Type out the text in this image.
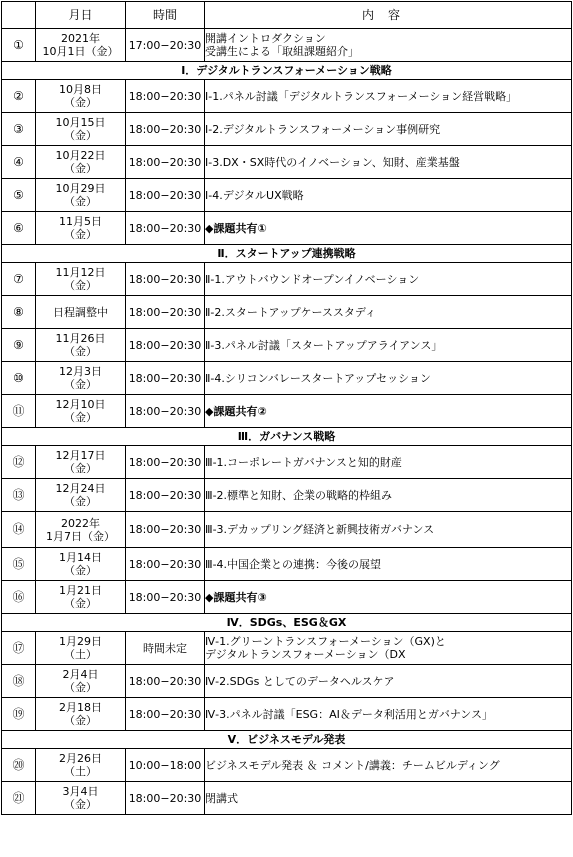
	月日	時間	内容
①	2021年
10月1日（金）	17:00−20:30	開講イントロダクション
受講生による「取組課題紹介」

Ⅰ．デジタルトランスフォーメーション戦略			
②	10月8日
（金）	18:00−20:30	Ⅰ-1.パネル討議「デジタルトランスフォーメーション経営戦略」

③	10月15日
（金）	18:00−20:30	Ⅰ-2.デジタルトランスフォーメーション事例研究

④	10月22日
（金）	18:00−20:30	Ⅰ-3.DX・SX時代のイノベーション、知財、産業基盤

⑤	10月29日
（金）	18:00−20:30	Ⅰ-4.デジタルUX戦略

⑥	11月5日
（金）	18:00−20:30	◆課題共有①

Ⅱ．スタートアップ連携戦略			
⑦	11月12日
（金）	18:00−20:30	Ⅱ-1.アウトバウンドオープンイノベーション

⑧	日程調整中	18:00−20:30	Ⅱ-2.スタートアップケーススタディ

⑨	11月26日
（金）	18:00−20:30	Ⅱ-3.パネル討議「スタートアップアライアンス」

⑩	12月3日
（金）	18:00−20:30	Ⅱ-4.シリコンバレースタートアップセッション

⑪	12月10日
（金）	18:00−20:30	◆課題共有②

Ⅲ．ガバナンス戦略			
⑫	12月17日
（金）	18:00−20:30	Ⅲ-1.コーポレートガバナンスと知的財産

⑬	12月24日
（金）	18:00−20:30	Ⅲ-2.標準と知財、企業の戦略的枠組み

⑭	2022年
1月7日（金）	18:00−20:30	Ⅲ-3.デカップリング経済と新興技術ガバナンス

⑮	1月14日
（金）	18:00−20:30	Ⅲ-4.中国企業との連携：今後の展望

⑯	1月21日
（金）	18:00−20:30	◆課題共有③

Ⅳ．SDGs、ESG＆GX			
⑰	1月29日
（土）	時間未定	Ⅳ-1.グリーントランスフォーメーション（GX)と
デジタルトランスフォーメーション（DX

⑱	2月4日
（金）	18:00−20:30	Ⅳ-2.SDGs としてのデータヘルスケア

⑲	2月18日
（金）	18:00−20:30	Ⅳ-3.パネル討議「ESG：AI＆データ利活用とガバナンス」

Ⅴ．ビジネスモデル発表			
⑳	2月26日
（土）	10:00−18:00	ビジネスモデル発表 ＆ コメント/講義：チームビルディング

㉑	3月4日
（金）	18:00−20:30	閉講式
